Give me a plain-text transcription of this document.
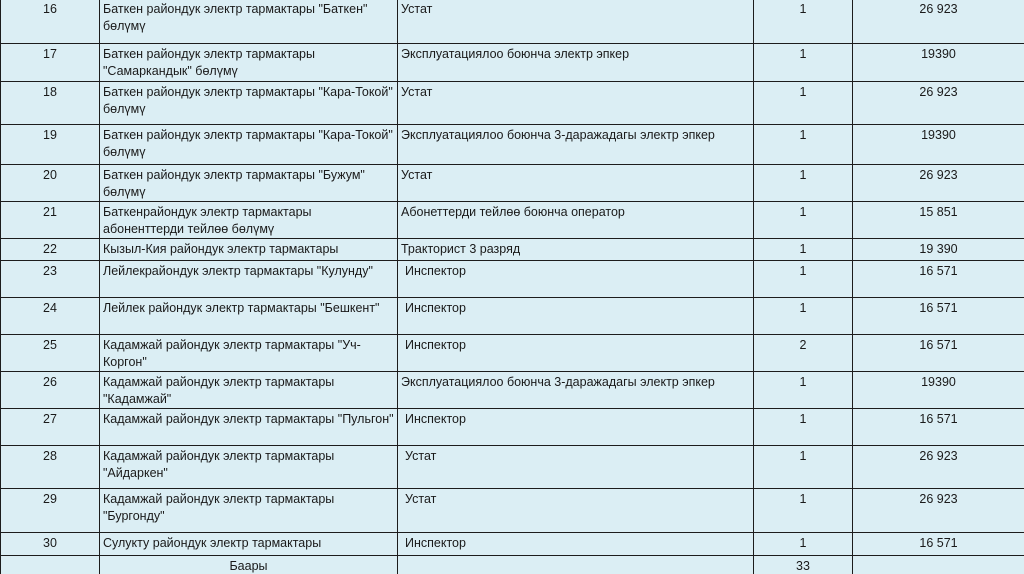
16	Баткен райондук электр тармактары "Баткен" бөлүмү	Устат	1	26 923
17	Баткен райондук электр тармактары "Самаркандык" бөлүмү	Эксплуатациялоо боюнча электр эпкер	1	19390
18	Баткен райондук электр тармактары "Кара-Токой" бөлүмү	Устат	1	26 923
19	Баткен райондук электр тармактары "Кара-Токой" бөлүмү	Эксплуатациялоо боюнча 3-даражадагы электр эпкер	1	19390
20	Баткен райондук электр тармактары "Бужум" бөлүмү	Устат	1	26 923
21	Баткенрайондук электр тармактары абоненттерди тейлөө бөлүмү	Абонеттерди тейлөө боюнча оператор	1	15 851
22	Кызыл-Кия райондук электр тармактары	Тракторист 3 разряд	1	19 390
23	Лейлекрайондук электр тармактары "Кулунду"	Инспектор	1	16 571
24	Лейлек райондук электр тармактары "Бешкент"	Инспектор	1	16 571
25	Кадамжай райондук электр тармактары "Уч-Коргон"	Инспектор	2	16 571
26	Кадамжай райондук электр тармактары "Кадамжай"	Эксплуатациялоо боюнча 3-даражадагы электр эпкер	1	19390
27	Кадамжай райондук электр тармактары "Пульгон"	Инспектор	1	16 571
28	Кадамжай райондук электр тармактары "Айдаркен"	Устат	1	26 923
29	Кадамжай райондук электр тармактары "Бургонду"	Устат	1	26 923
30	Сулукту райондук электр тармактары	Инспектор	1	16 571
	Баары		33	
